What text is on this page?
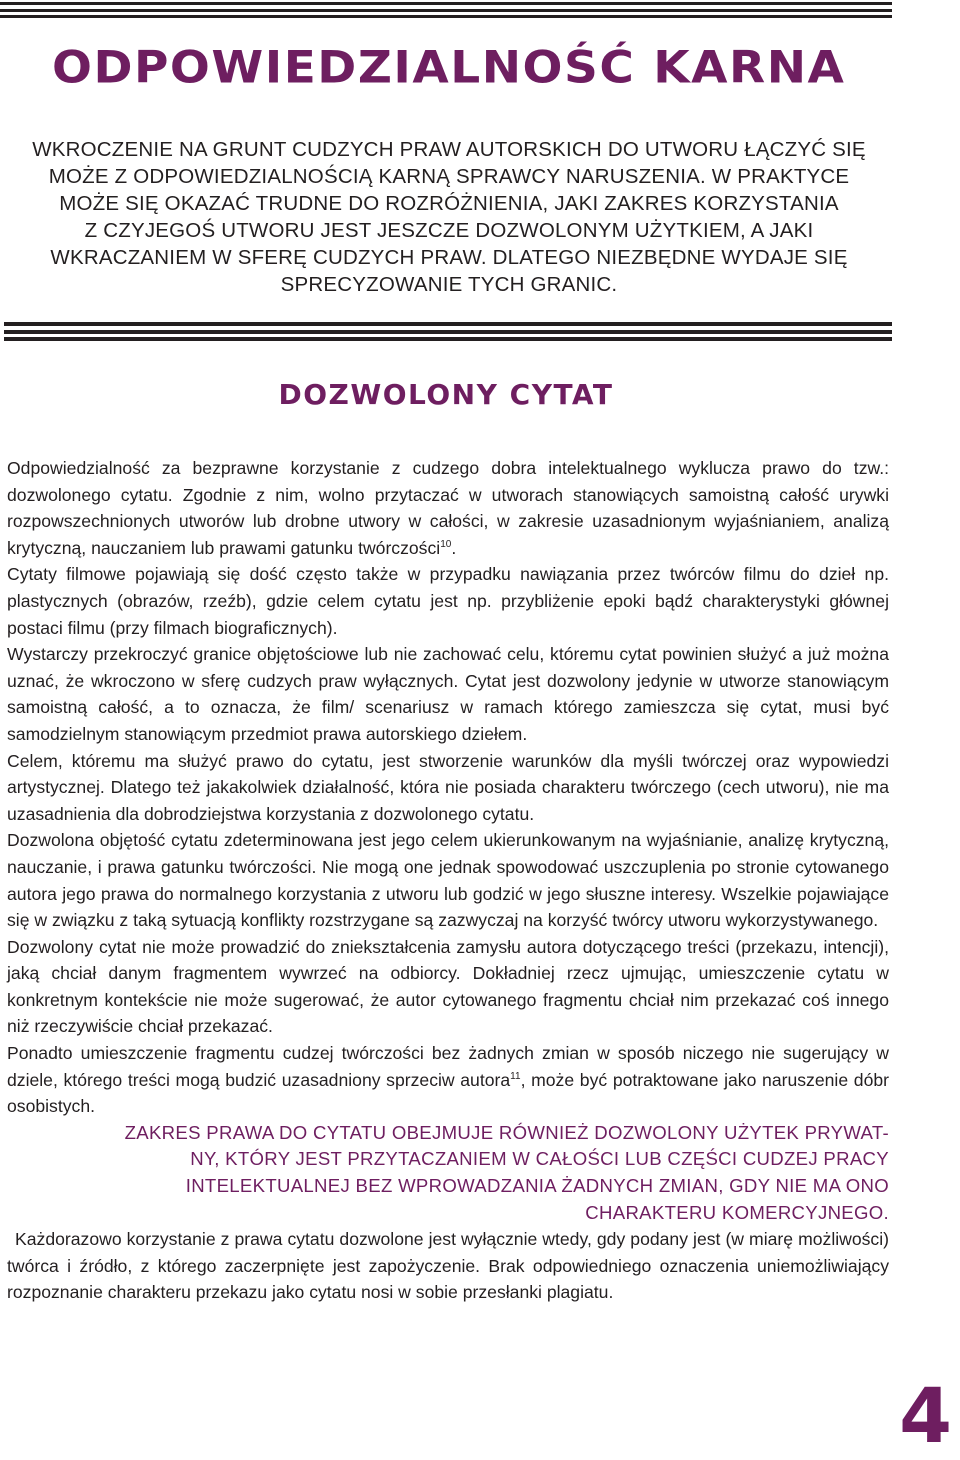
ODPOWIEDZIALNOŚĆ KARNA
WKROCZENIE NA GRUNT CUDZYCH PRAW AUTORSKICH DO UTWORU ŁĄCZYĆ SIĘ
MOŻE Z ODPOWIEDZIALNOŚCIĄ KARNĄ SPRAWCY NARUSZENIA. W PRAKTYCE
MOŻE SIĘ OKAZAĆ TRUDNE DO ROZRÓŻNIENIA, JAKI ZAKRES KORZYSTANIA
Z CZYJEGOŚ UTWORU JEST JESZCZE DOZWOLONYM UŻYTKIEM, A JAKI
WKRACZANIEM W SFERĘ CUDZYCH PRAW. DLATEGO NIEZBĘDNE WYDAJE SIĘ
SPRECYZOWANIE TYCH GRANIC.
DOZWOLONY CYTAT

Odpowiedzialność za bezprawne korzystanie z cudzego dobra intelektualnego wyklucza prawo do tzw.: dozwolonego cytatu. Zgodnie z nim, wolno przytaczać w utworach stanowiących samoistną całość urywki rozpowszechnionych utworów lub drobne utwory w całości, w zakresie uzasadnionym wyjaśnianiem, analizą krytyczną, nauczaniem lub prawami gatunku twórczości$^{10}$.

Cytaty filmowe pojawiają się dość często także w przypadku nawiązania przez twórców filmu do dzieł np. plastycznych (obrazów, rzeźb), gdzie celem cytatu jest np. przybliżenie epoki bądź charakterystyki głównej postaci filmu (przy filmach biograficznych).

Wystarczy przekroczyć granice objętościowe lub nie zachować celu, któremu cytat powinien służyć a już można uznać, że wkroczono w sferę cudzych praw wyłącznych. Cytat jest dozwolony jedynie w utworze stanowiącym samoistną całość, a to oznacza, że film/ scenariusz w ramach którego zamieszcza się cytat, musi być samodzielnym stanowiącym przedmiot prawa autorskiego dziełem.

Celem, któremu ma służyć prawo do cytatu, jest stworzenie warunków dla myśli twórczej oraz wypowiedzi artystycznej. Dlatego też jakakolwiek działalność, która nie posiada charakteru twórczego (cech utworu), nie ma uzasadnienia dla dobrodziejstwa korzystania z dozwolonego cytatu.

Dozwolona objętość cytatu zdeterminowana jest jego celem ukierunkowanym na wyjaśnianie, analizę krytyczną, nauczanie, i prawa gatunku twórczości. Nie mogą one jednak spowodować uszczuplenia po stronie cytowanego autora jego prawa do normalnego korzystania z utworu lub godzić w jego słuszne interesy. Wszelkie pojawiające się w związku z taką sytuacją konflikty rozstrzygane są zazwyczaj na korzyść twórcy utworu wykorzystywanego.

Dozwolony cytat nie może prowadzić do zniekształcenia zamysłu autora dotyczącego treści (przekazu, intencji), jaką chciał danym fragmentem wywrzeć na odbiorcy. Dokładniej rzecz ujmując, umieszczenie cytatu w konkretnym kontekście nie może sugerować, że autor cytowanego fragmentu chciał nim przekazać coś innego niż rzeczywiście chciał przekazać.

Ponadto umieszczenie fragmentu cudzej twórczości bez żadnych zmian w sposób niczego nie sugerujący w dziele, którego treści mogą budzić uzasadniony sprzeciw autora$^{11}$, może być potraktowane jako naruszenie dóbr osobistych.

ZAKRES PRAWA DO CYTATU OBEJMUJE RÓWNIEŻ DOZWOLONY UŻYTEK PRYWAT-
NY, KTÓRY JEST PRZYTACZANIEM W CAŁOŚCI LUB CZĘŚCI CUDZEJ PRACY
INTELEKTUALNEJ BEZ WPROWADZANIA ŻADNYCH ZMIAN, GDY NIE MA ONO
CHARAKTERU KOMERCYJNEGO.

Każdorazowo korzystanie z prawa cytatu dozwolone jest wyłącznie wtedy, gdy podany jest (w miarę możliwości) twórca i źródło, z którego zaczerpnięte jest zapożyczenie. Brak odpowiedniego oznaczenia uniemożliwiający rozpoznanie charakteru przekazu jako cytatu nosi w sobie przesłanki plagiatu.

4
